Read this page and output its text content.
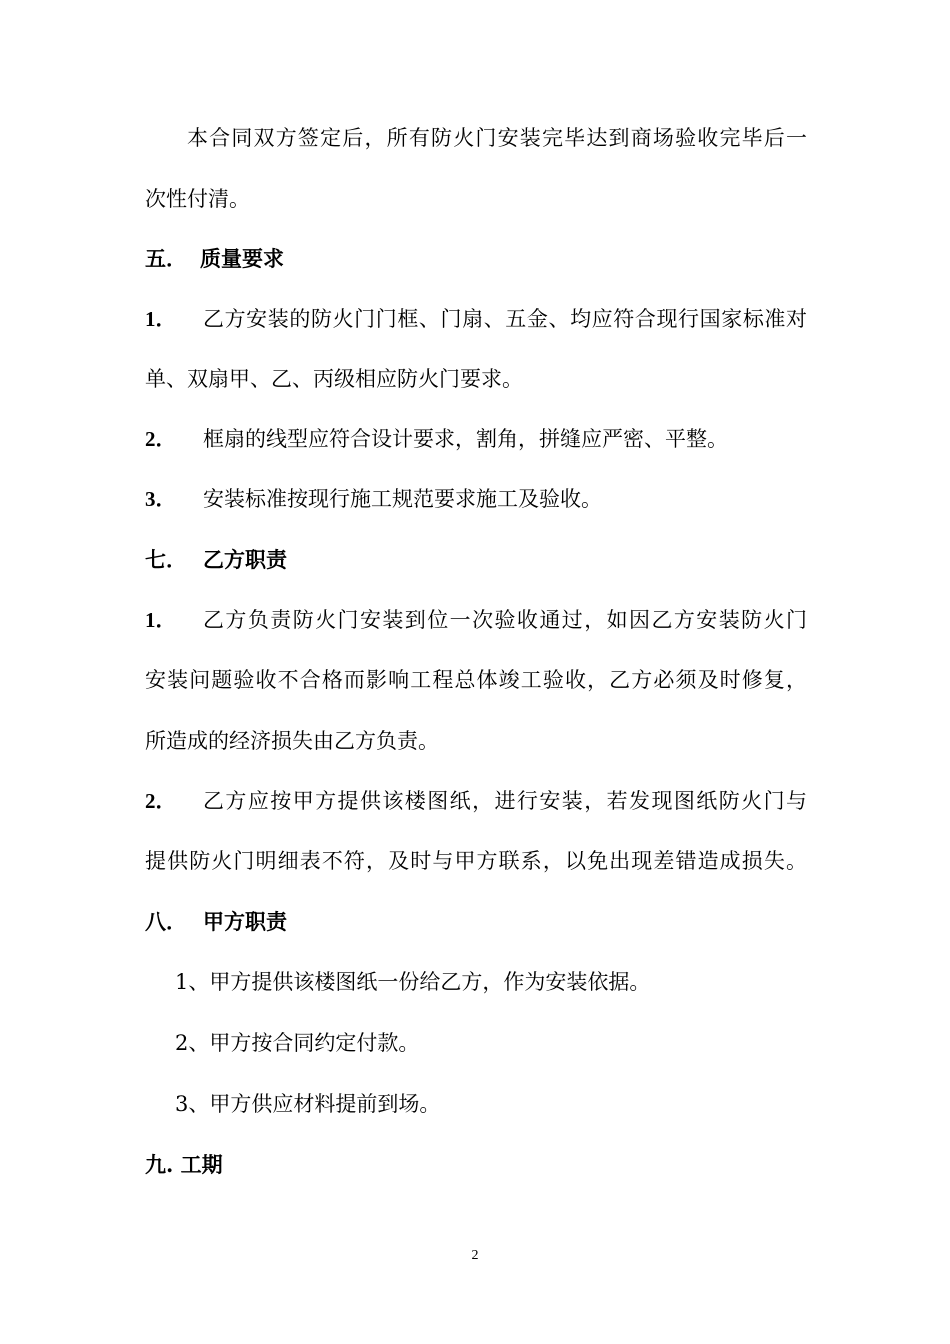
本合同双方签定后，所有防火门安装完毕达到商场验收完毕后一
次性付清。
五． 质量要求
1． 乙方安装的防火门门框、门扇、五金、均应符合现行国家标准对
单、双扇甲、乙、丙级相应防火门要求。
2． 框扇的线型应符合设计要求，割角，拼缝应严密、平整。
3． 安装标准按现行施工规范要求施工及验收。
七． 乙方职责
1． 乙方负责防火门安装到位一次验收通过，如因乙方安装防火门
安装问题验收不合格而影响工程总体竣工验收，乙方必须及时修复，
所造成的经济损失由乙方负责。
2． 乙方应按甲方提供该楼图纸，进行安装，若发现图纸防火门与
提供防火门明细表不符，及时与甲方联系，以免出现差错造成损失。
八． 甲方职责
1、甲方提供该楼图纸一份给乙方，作为安装依据。
2、甲方按合同约定付款。
3、甲方供应材料提前到场。
九. 工期
2
